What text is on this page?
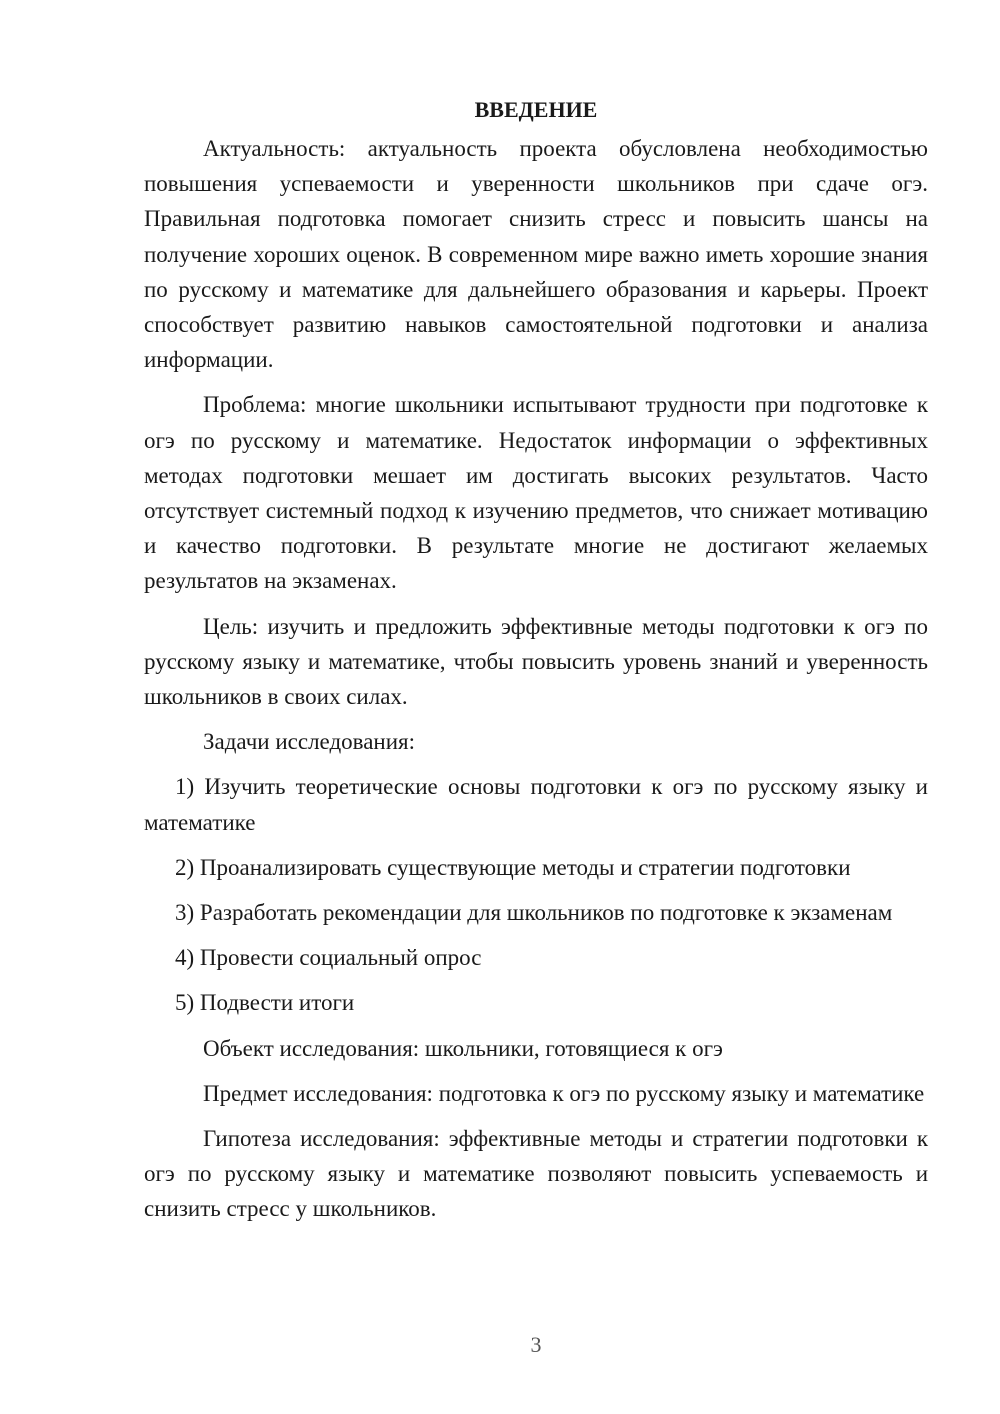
ВВЕДЕНИЕ

Актуальность: актуальность проекта обусловлена необходимостью повышения успеваемости и уверенности школьников при сдаче огэ. Правильная подготовка помогает снизить стресс и повысить шансы на получение хороших оценок. В современном мире важно иметь хорошие знания по русскому и математике для дальнейшего образования и карьеры. Проект способствует развитию навыков самостоятельной подготовки и анализа информации.

Проблема: многие школьники испытывают трудности при подготовке к огэ по русскому и математике. Недостаток информации о эффективных методах подготовки мешает им достигать высоких результатов. Часто отсутствует системный подход к изучению предметов, что снижает мотивацию и качество подготовки. В результате многие не достигают желаемых результатов на экзаменах.

Цель: изучить и предложить эффективные методы подготовки к огэ по русскому языку и математике, чтобы повысить уровень знаний и уверенность школьников в своих силах.

Задачи исследования:

1) Изучить теоретические основы подготовки к огэ по русскому языку и математике

2) Проанализировать существующие методы и стратегии подготовки

3) Разработать рекомендации для школьников по подготовке к экзаменам

4) Провести социальный опрос

5) Подвести итоги

Объект исследования: школьники, готовящиеся к огэ

Предмет исследования: подготовка к огэ по русскому языку и математике

Гипотеза исследования: эффективные методы и стратегии подготовки к огэ по русскому языку и математике позволяют повысить успеваемость и снизить стресс у школьников.

3
